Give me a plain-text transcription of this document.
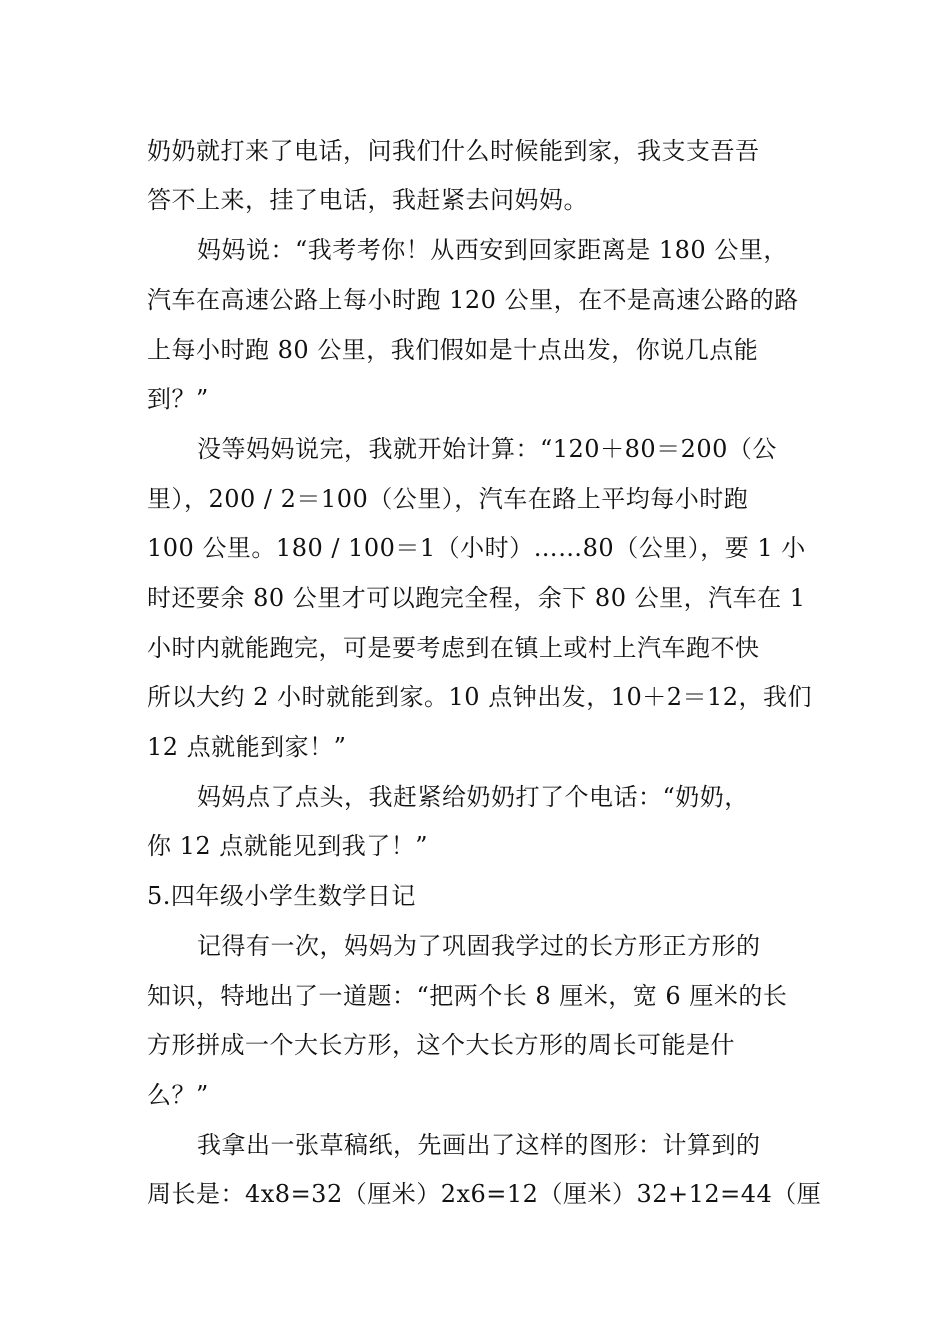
奶奶就打来了电话，问我们什么时候能到家，我支支吾吾
答不上来，挂了电话，我赶紧去问妈妈。
妈妈说：“我考考你！从西安到回家距离是 180 公里，
汽车在高速公路上每小时跑 120 公里，在不是高速公路的路
上每小时跑 80 公里，我们假如是十点出发，你说几点能
到？”
没等妈妈说完，我就开始计算：“120＋80＝200（公
里），200 / 2＝100（公里），汽车在路上平均每小时跑
100 公里。180 / 100＝1（小时）……80（公里），要 1 小
时还要余 80 公里才可以跑完全程，余下 80 公里，汽车在 1
小时内就能跑完，可是要考虑到在镇上或村上汽车跑不快
所以大约 2 小时就能到家。10 点钟出发，10＋2＝12，我们
12 点就能到家！”
妈妈点了点头，我赶紧给奶奶打了个电话：“奶奶，
你 12 点就能见到我了！”
5.四年级小学生数学日记
记得有一次，妈妈为了巩固我学过的长方形正方形的
知识，特地出了一道题：“把两个长 8 厘米，宽 6 厘米的长
方形拼成一个大长方形，这个大长方形的周长可能是什
么？”
我拿出一张草稿纸，先画出了这样的图形：计算到的
周长是：4x8=32（厘米）2x6=12（厘米）32+12=44（厘
